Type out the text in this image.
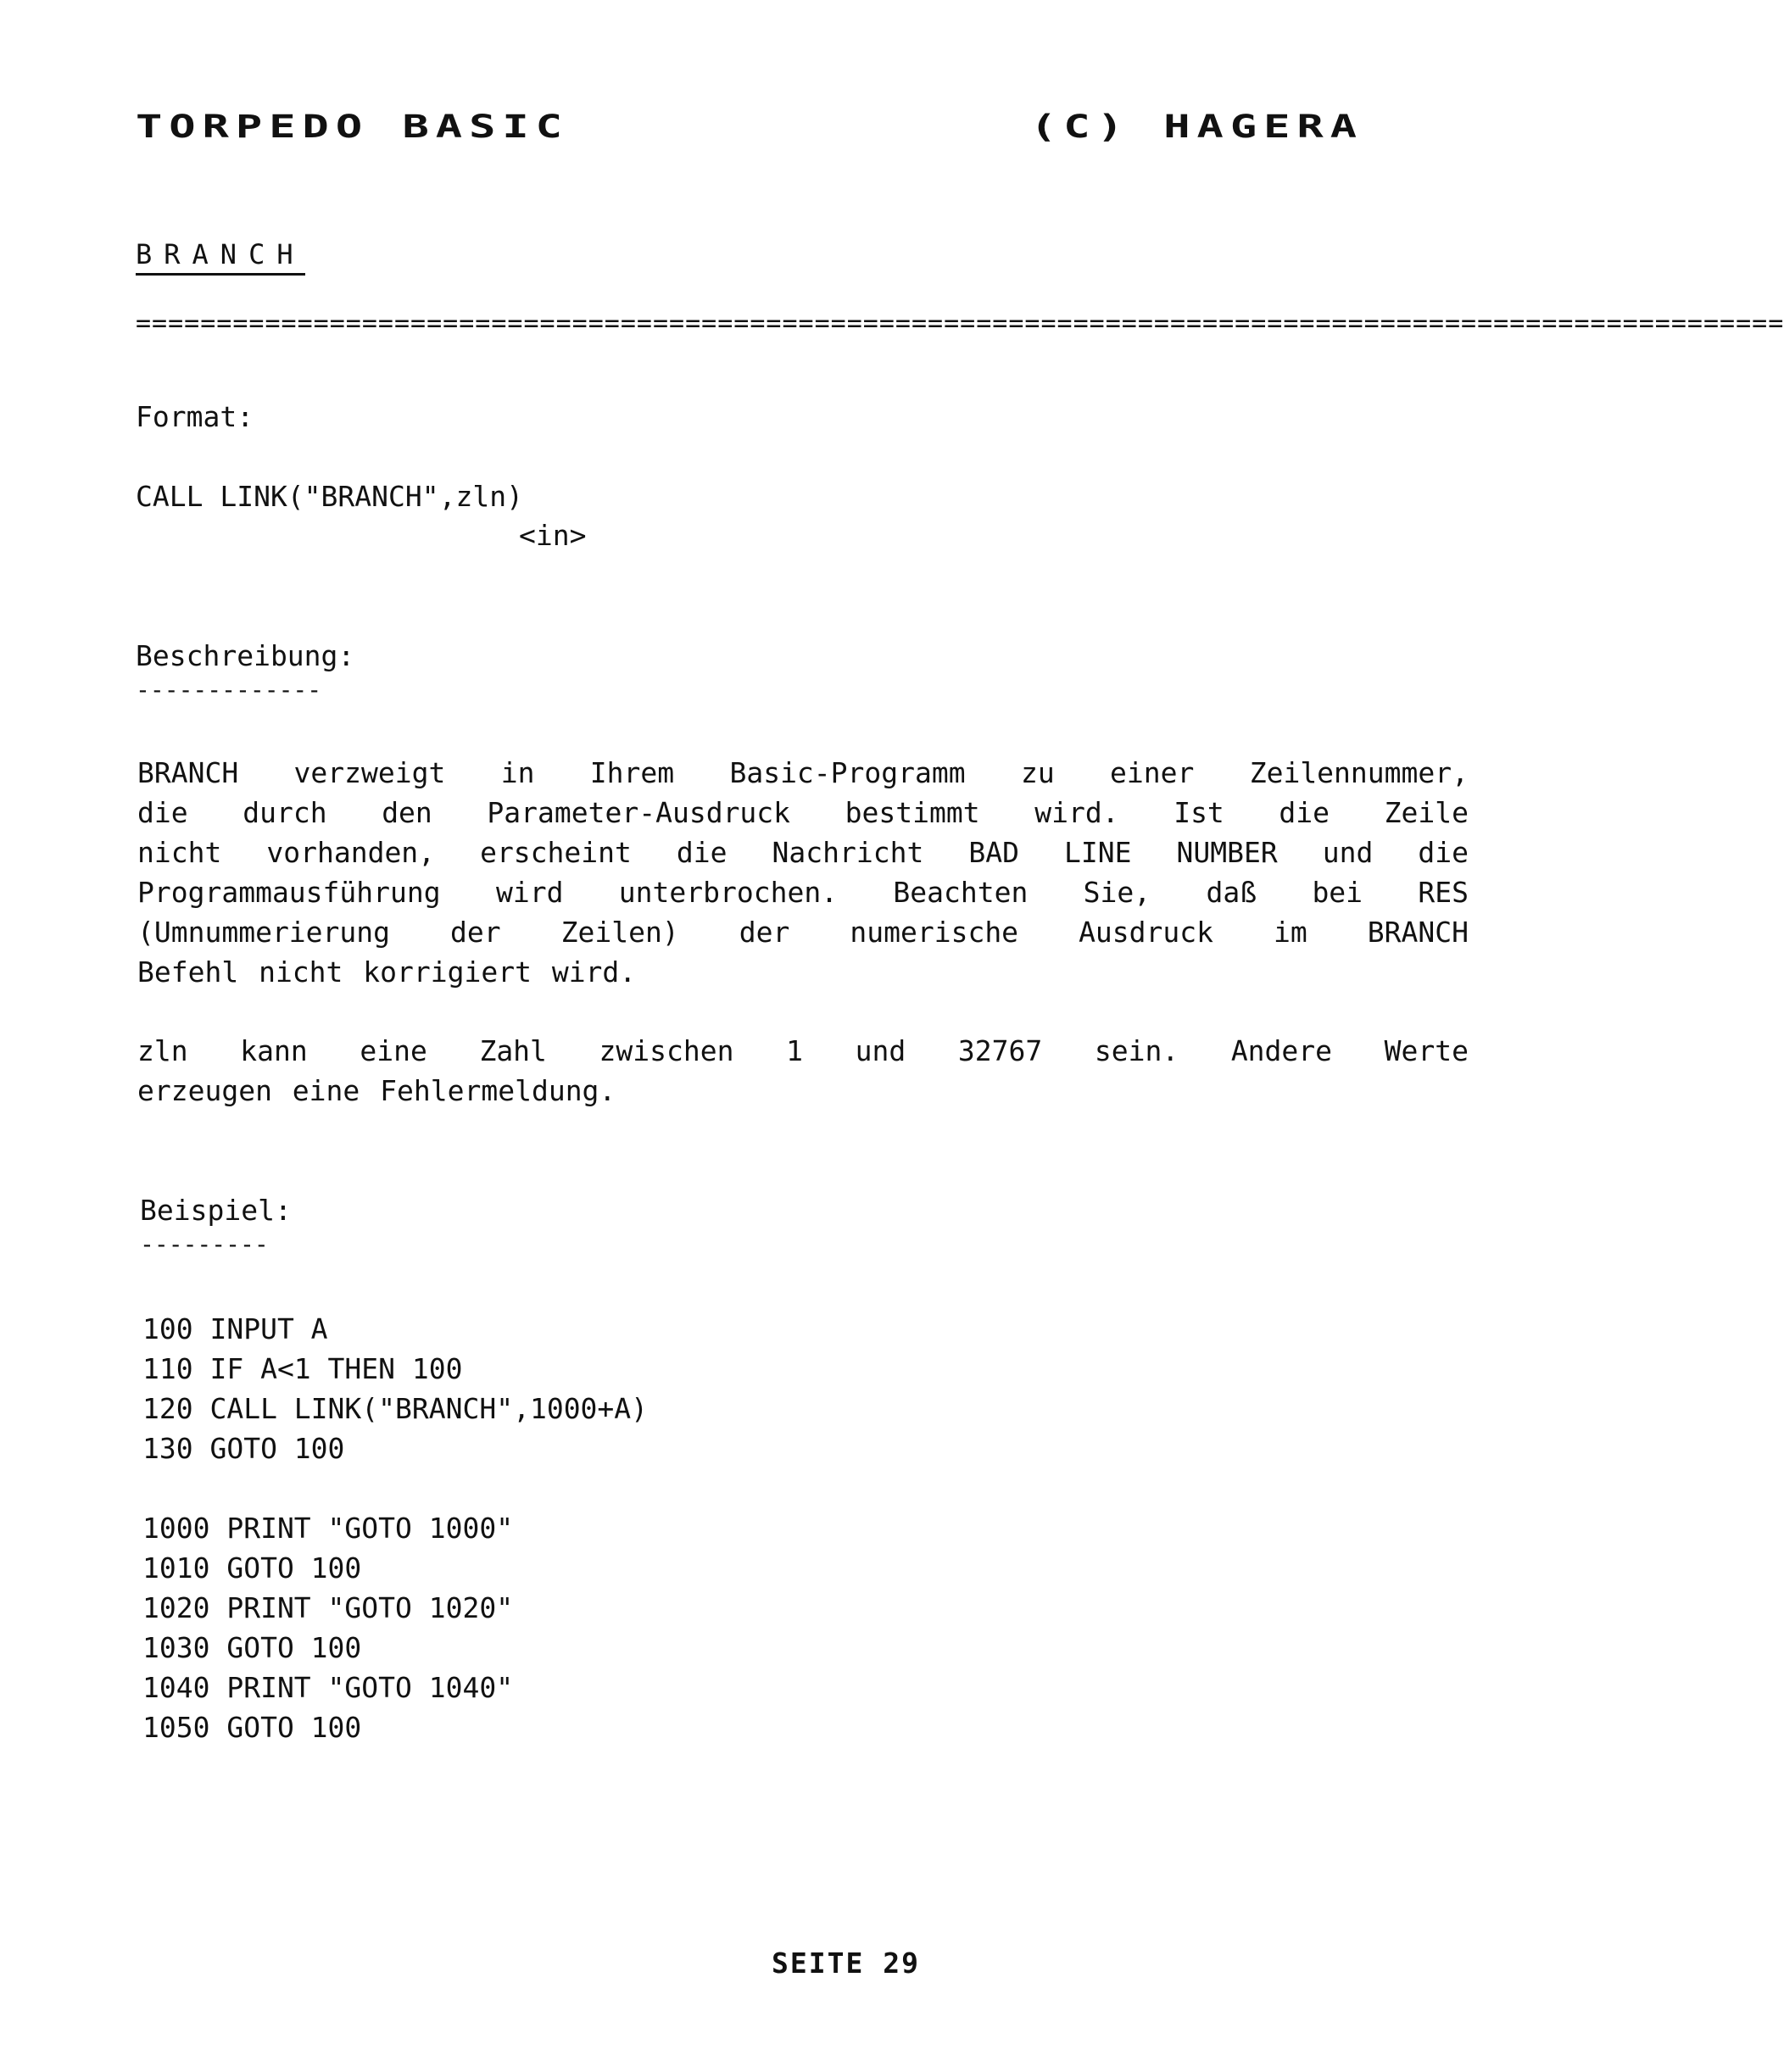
TORPEDO BASIC	(C) HAGERA
BRANCH
======================================================================================================
Format:
CALL LINK("BRANCH",zln)
<in>
Beschreibung:
-------------
BRANCH verzweigt in Ihrem Basic-Programm zu einer Zeilennummer,
die durch den Parameter-Ausdruck bestimmt wird. Ist die Zeile
nicht vorhanden, erscheint die Nachricht BAD LINE NUMBER und die
Programmausführung wird unterbrochen. Beachten Sie, daß bei RES
(Umnummerierung der Zeilen) der numerische Ausdruck im BRANCH
Befehl nicht korrigiert wird.
zln kann eine Zahl zwischen 1 und 32767 sein. Andere Werte
erzeugen eine Fehlermeldung.
Beispiel:
---------
100 INPUT A
110 IF A<1 THEN 100
120 CALL LINK("BRANCH",1000+A)
130 GOTO 100
1000 PRINT "GOTO 1000"
1010 GOTO 100
1020 PRINT "GOTO 1020"
1030 GOTO 100
1040 PRINT "GOTO 1040"
1050 GOTO 100
SEITE 29
